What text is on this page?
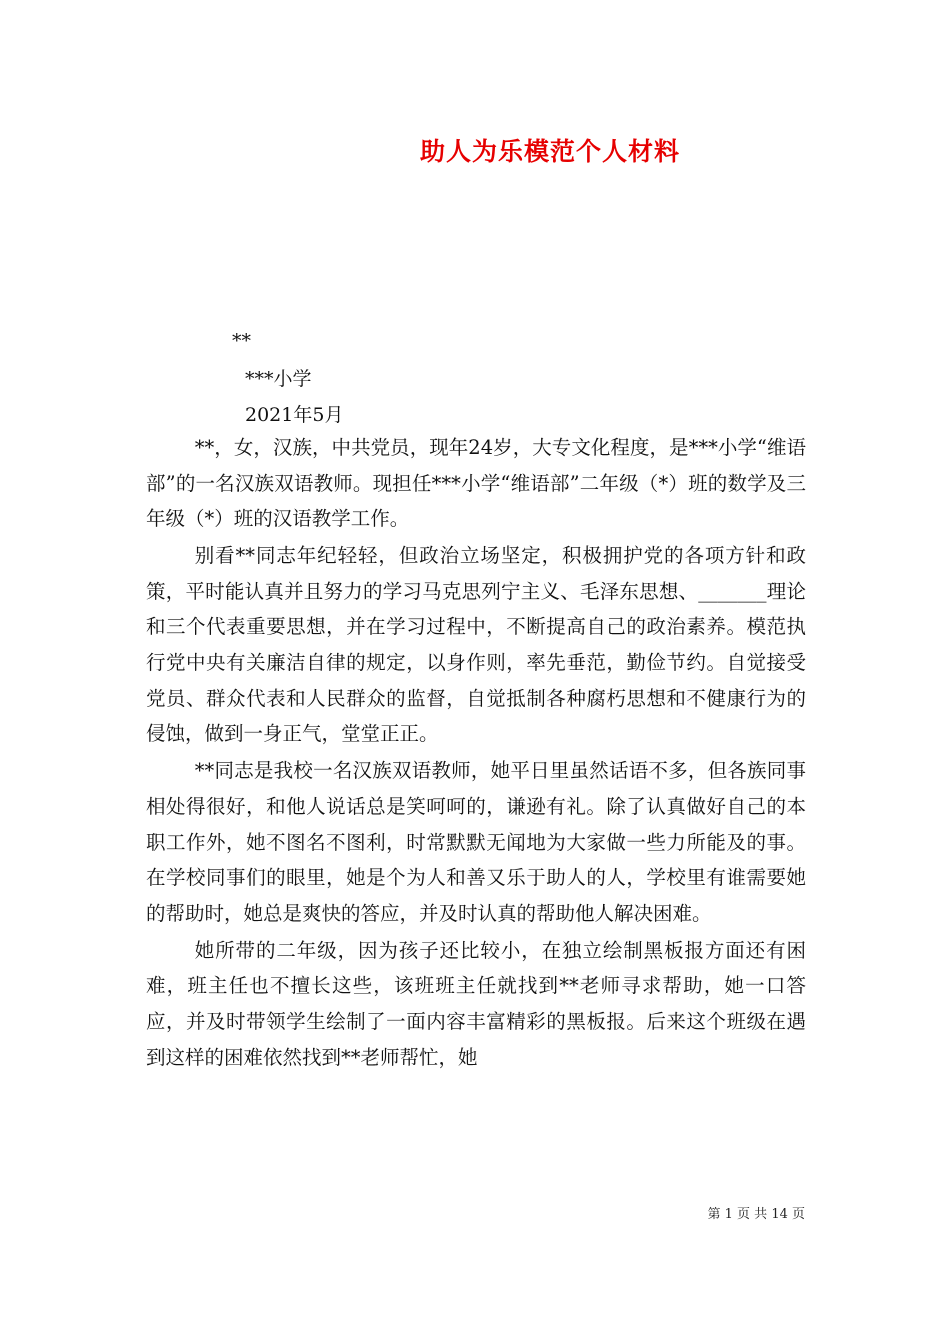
助人为乐模范个人材料
**
***小学
2021年5月

**，女，汉族，中共党员，现年24岁，大专文化程度，是***小学“维语部”的一名汉族双语教师。现担任***小学“维语部”二年级（*）班的数学及三年级（*）班的汉语教学工作。

别看**同志年纪轻轻，但政治立场坚定，积极拥护党的各项方针和政策，平时能认真并且努力的学习马克思列宁主义、毛泽东思想、_______理论和三个代表重要思想，并在学习过程中，不断提高自己的政治素养。模范执行党中央有关廉洁自律的规定，以身作则，率先垂范，勤俭节约。自觉接受党员、群众代表和人民群众的监督，自觉抵制各种腐朽思想和不健康行为的侵蚀，做到一身正气，堂堂正正。

**同志是我校一名汉族双语教师，她平日里虽然话语不多，但各族同事相处得很好，和他人说话总是笑呵呵的，谦逊有礼。除了认真做好自己的本职工作外，她不图名不图利，时常默默无闻地为大家做一些力所能及的事。在学校同事们的眼里，她是个为人和善又乐于助人的人，学校里有谁需要她的帮助时，她总是爽快的答应，并及时认真的帮助他人解决困难。

她所带的二年级，因为孩子还比较小，在独立绘制黑板报方面还有困难，班主任也不擅长这些，该班班主任就找到**老师寻求帮助，她一口答应，并及时带领学生绘制了一面内容丰富精彩的黑板报。后来这个班级在遇到这样的困难依然找到**老师帮忙，她

第 1 页 共 14 页
